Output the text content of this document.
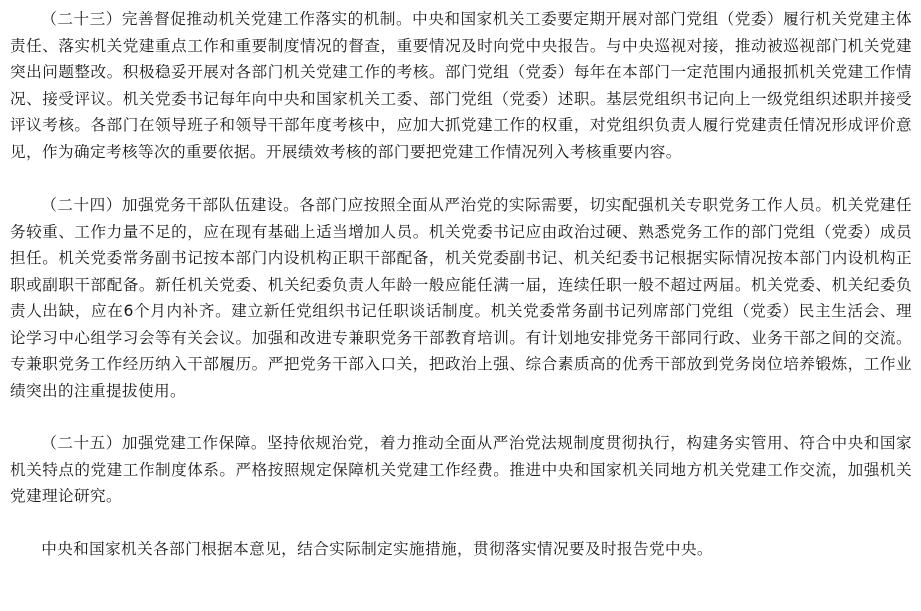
（二十三）完善督促推动机关党建工作落实的机制。中央和国家机关工委要定期开展对部门党组（党委）履行机关党建主体责任、落实机关党建重点工作和重要制度情况的督查，重要情况及时向党中央报告。与中央巡视对接，推动被巡视部门机关党建突出问题整改。积极稳妥开展对各部门机关党建工作的考核。部门党组（党委）每年在本部门一定范围内通报抓机关党建工作情况、接受评议。机关党委书记每年向中央和国家机关工委、部门党组（党委）述职。基层党组织书记向上一级党组织述职并接受评议考核。各部门在领导班子和领导干部年度考核中，应加大抓党建工作的权重，对党组织负责人履行党建责任情况形成评价意见，作为确定考核等次的重要依据。开展绩效考核的部门要把党建工作情况列入考核重要内容。

（二十四）加强党务干部队伍建设。各部门应按照全面从严治党的实际需要，切实配强机关专职党务工作人员。机关党建任务较重、工作力量不足的，应在现有基础上适当增加人员。机关党委书记应由政治过硬、熟悉党务工作的部门党组（党委）成员担任。机关党委常务副书记按本部门内设机构正职干部配备，机关党委副书记、机关纪委书记根据实际情况按本部门内设机构正职或副职干部配备。新任机关党委、机关纪委负责人年龄一般应能任满一届，连续任职一般不超过两届。机关党委、机关纪委负责人出缺，应在6个月内补齐。建立新任党组织书记任职谈话制度。机关党委常务副书记列席部门党组（党委）民主生活会、理论学习中心组学习会等有关会议。加强和改进专兼职党务干部教育培训。有计划地安排党务干部同行政、业务干部之间的交流。专兼职党务工作经历纳入干部履历。严把党务干部入口关，把政治上强、综合素质高的优秀干部放到党务岗位培养锻炼，工作业绩突出的注重提拔使用。

（二十五）加强党建工作保障。坚持依规治党，着力推动全面从严治党法规制度贯彻执行，构建务实管用、符合中央和国家机关特点的党建工作制度体系。严格按照规定保障机关党建工作经费。推进中央和国家机关同地方机关党建工作交流，加强机关党建理论研究。

中央和国家机关各部门根据本意见，结合实际制定实施措施，贯彻落实情况要及时报告党中央。
